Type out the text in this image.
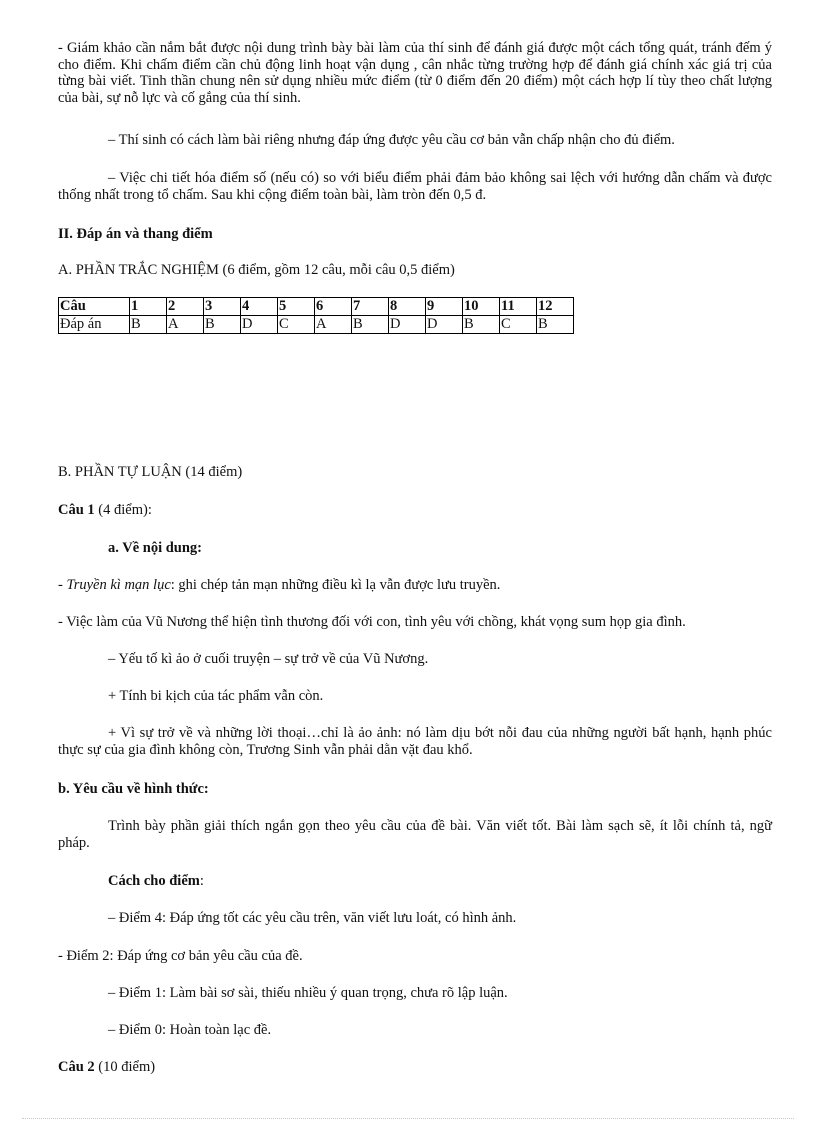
- Giám khảo cần nắm bắt được nội dung trình bày bài làm của thí sinh để đánh giá được một cách tổng quát, tránh đếm ý cho điểm. Khi chấm điểm cần chủ động linh hoạt vận dụng , cân nhắc từng trường hợp để đánh giá chính xác giá trị của từng bài viết. Tinh thần chung nên sử dụng nhiều mức điểm (từ 0 điểm đến 20 điểm) một cách hợp lí tùy theo chất lượng của bài, sự nỗ lực và cố gắng của thí sinh.

– Thí sinh có cách làm bài riêng nhưng đáp ứng được yêu cầu cơ bản vẫn chấp nhận cho đủ điểm.

– Việc chi tiết hóa điểm số (nếu có) so với biểu điểm phải đảm bảo không sai lệch với hướng dẫn chấm và được thống nhất trong tổ chấm. Sau khi cộng điểm toàn bài, làm tròn đến 0,5 đ.

II. Đáp án và thang điểm

A. PHẦN TRẮC NGHIỆM (6 điểm, gồm 12 câu, mỗi câu 0,5 điểm)

Câu	1	2	3	4	5	6	7	8	9	10	11	12
Đáp án	B	A	B	D	C	A	B	D	D	B	C	B

B. PHẦN TỰ LUẬN (14 điểm)

Câu 1 (4 điểm):

a. Về nội dung:

- Truyền kì mạn lục: ghi chép tản mạn những điều kì lạ vẫn được lưu truyền.

- Việc làm của Vũ Nương thể hiện tình thương đối với con, tình yêu với chồng, khát vọng sum họp gia đình.

– Yếu tố kì ảo ở cuối truyện – sự trở về của Vũ Nương.

+ Tính bi kịch của tác phẩm vẫn còn.

+ Vì sự trở về và những lời thoại…chỉ là ảo ảnh: nó làm dịu bớt nỗi đau của những người bất hạnh, hạnh phúc thực sự của gia đình không còn, Trương Sinh vẫn phải dằn vặt đau khổ.

b. Yêu cầu về hình thức:

Trình bày phần giải thích ngắn gọn theo yêu cầu của đề bài. Văn viết tốt. Bài làm sạch sẽ, ít lỗi chính tả, ngữ pháp.

Cách cho điểm:

– Điểm 4: Đáp ứng tốt các yêu cầu trên, văn viết lưu loát, có hình ảnh.

- Điểm 2: Đáp ứng cơ bản yêu cầu của đề.

– Điểm 1: Làm bài sơ sài, thiếu nhiều ý quan trọng, chưa rõ lập luận.

– Điểm 0: Hoàn toàn lạc đề.

Câu 2 (10 điểm)
